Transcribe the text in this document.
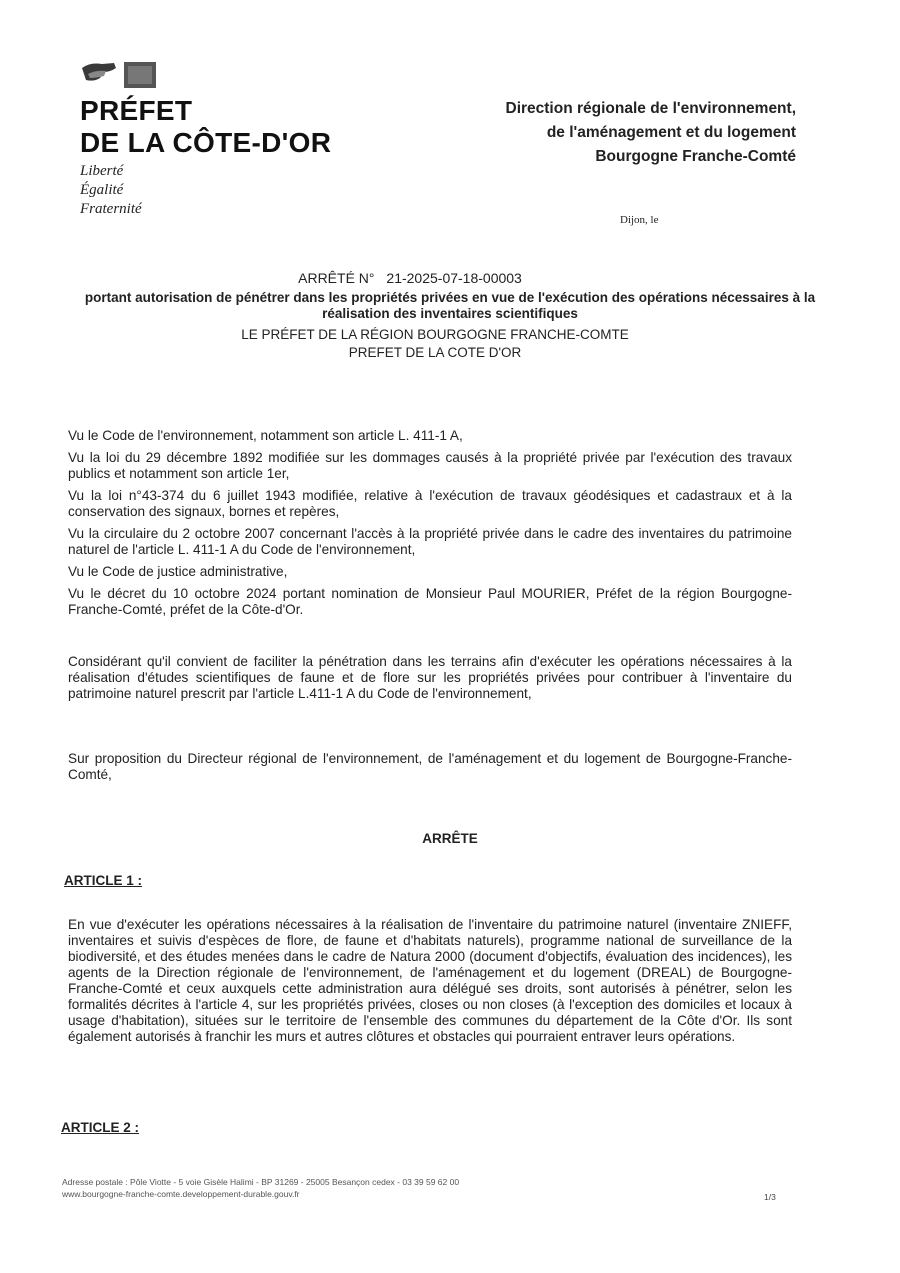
PRÉFET
DE LA CÔTE-D'OR
Liberté
Égalité
Fraternité
Direction régionale de l'environnement,
de l'aménagement et du logement
Bourgogne Franche-Comté
Dijon, le
ARRÊTÉ N° 21-2025-07-18-00003
portant autorisation de pénétrer dans les propriétés privées en vue de l'exécution des opérations nécessaires à la réalisation des inventaires scientifiques
LE PRÉFET DE LA RÉGION BOURGOGNE FRANCHE-COMTE
PREFET DE LA COTE D'OR

Vu le Code de l'environnement, notamment son article L. 411-1 A,

Vu la loi du 29 décembre 1892 modifiée sur les dommages causés à la propriété privée par l'exécution des travaux publics et notamment son article 1er,

Vu la loi n°43-374 du 6 juillet 1943 modifiée, relative à l'exécution de travaux géodésiques et cadastraux et à la conservation des signaux, bornes et repères,

Vu la circulaire du 2 octobre 2007 concernant l'accès à la propriété privée dans le cadre des inventaires du patrimoine naturel de l'article L. 411-1 A du Code de l'environnement,

Vu le Code de justice administrative,

Vu le décret du 10 octobre 2024 portant nomination de Monsieur Paul MOURIER, Préfet de la région Bourgogne-Franche-Comté, préfet de la Côte-d'Or.

Considérant qu'il convient de faciliter la pénétration dans les terrains afin d'exécuter les opérations nécessaires à la réalisation d'études scientifiques de faune et de flore sur les propriétés privées pour contribuer à l'inventaire du patrimoine naturel prescrit par l'article L.411-1 A du Code de l'environnement,
Sur proposition du Directeur régional de l'environnement, de l'aménagement et du logement de Bourgogne-Franche-Comté,
ARRÊTE
ARTICLE 1 :
En vue d'exécuter les opérations nécessaires à la réalisation de l'inventaire du patrimoine naturel (inventaire ZNIEFF, inventaires et suivis d'espèces de flore, de faune et d'habitats naturels), programme national de surveillance de la biodiversité, et des études menées dans le cadre de Natura 2000 (document d'objectifs, évaluation des incidences), les agents de la Direction régionale de l'environnement, de l'aménagement et du logement (DREAL) de Bourgogne-Franche-Comté et ceux auxquels cette administration aura délégué ses droits, sont autorisés à pénétrer, selon les formalités décrites à l'article 4, sur les propriétés privées, closes ou non closes (à l'exception des domiciles et locaux à usage d'habitation), situées sur le territoire de l'ensemble des communes du département de la Côte d'Or. Ils sont également autorisés à franchir les murs et autres clôtures et obstacles qui pourraient entraver leurs opérations.
ARTICLE 2 :
Adresse postale : Pôle Viotte - 5 voie Gisèle Halimi - BP 31269 - 25005 Besançon cedex - 03 39 59 62 00
www.bourgogne-franche-comte.developpement-durable.gouv.fr	1/3
